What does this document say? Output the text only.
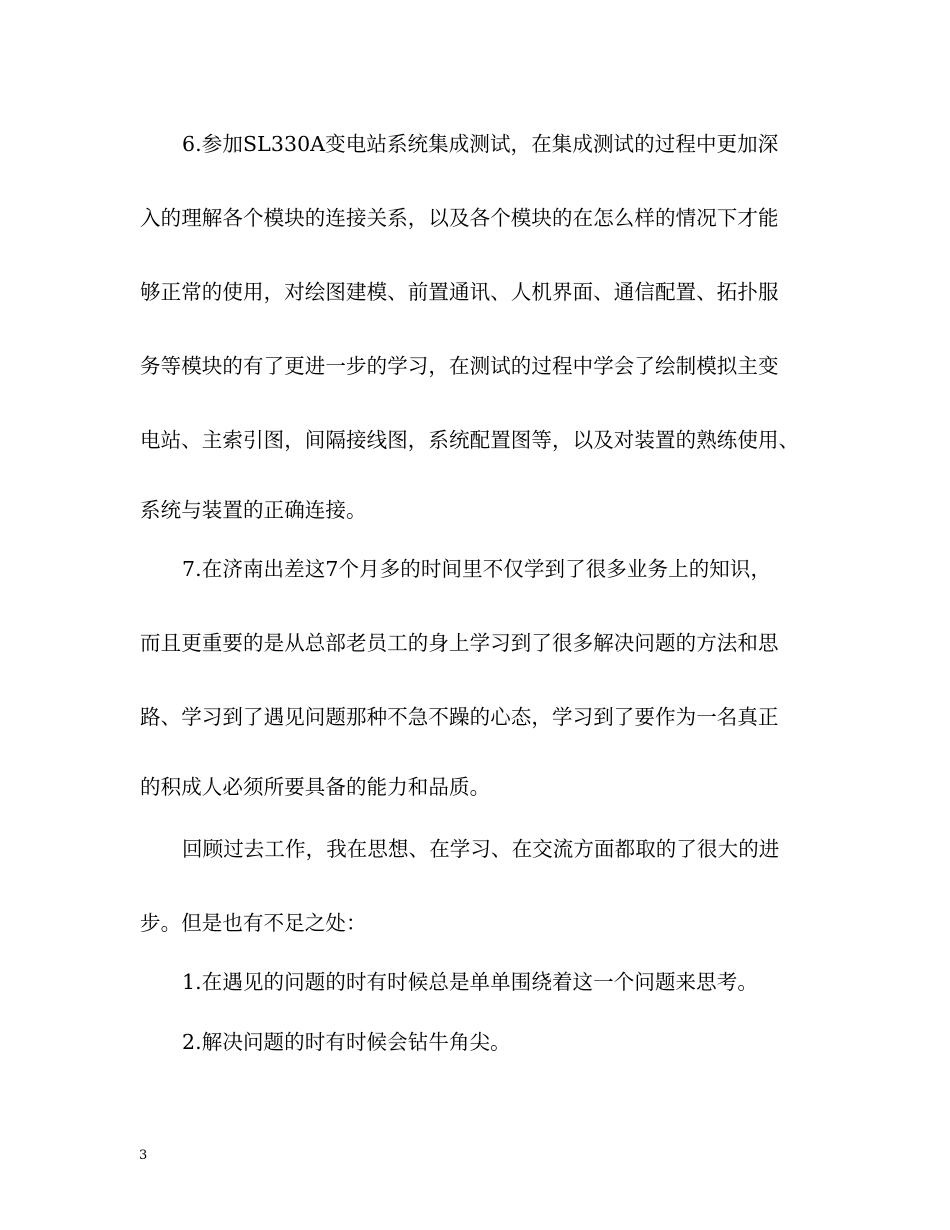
6.参加SL330A变电站系统集成测试，在集成测试的过程中更加深
入的理解各个模块的连接关系，以及各个模块的在怎么样的情况下才能
够正常的使用，对绘图建模、前置通讯、人机界面、通信配置、拓扑服
务等模块的有了更进一步的学习，在测试的过程中学会了绘制模拟主变
电站、主索引图，间隔接线图，系统配置图等，以及对装置的熟练使用、
系统与装置的正确连接。
7.在济南出差这7个月多的时间里不仅学到了很多业务上的知识，
而且更重要的是从总部老员工的身上学习到了很多解决问题的方法和思
路、学习到了遇见问题那种不急不躁的心态，学习到了要作为一名真正
的积成人必须所要具备的能力和品质。
回顾过去工作，我在思想、在学习、在交流方面都取的了很大的进
步。但是也有不足之处：
1.在遇见的问题的时有时候总是单单围绕着这一个问题来思考。
2.解决问题的时有时候会钻牛角尖。
3
